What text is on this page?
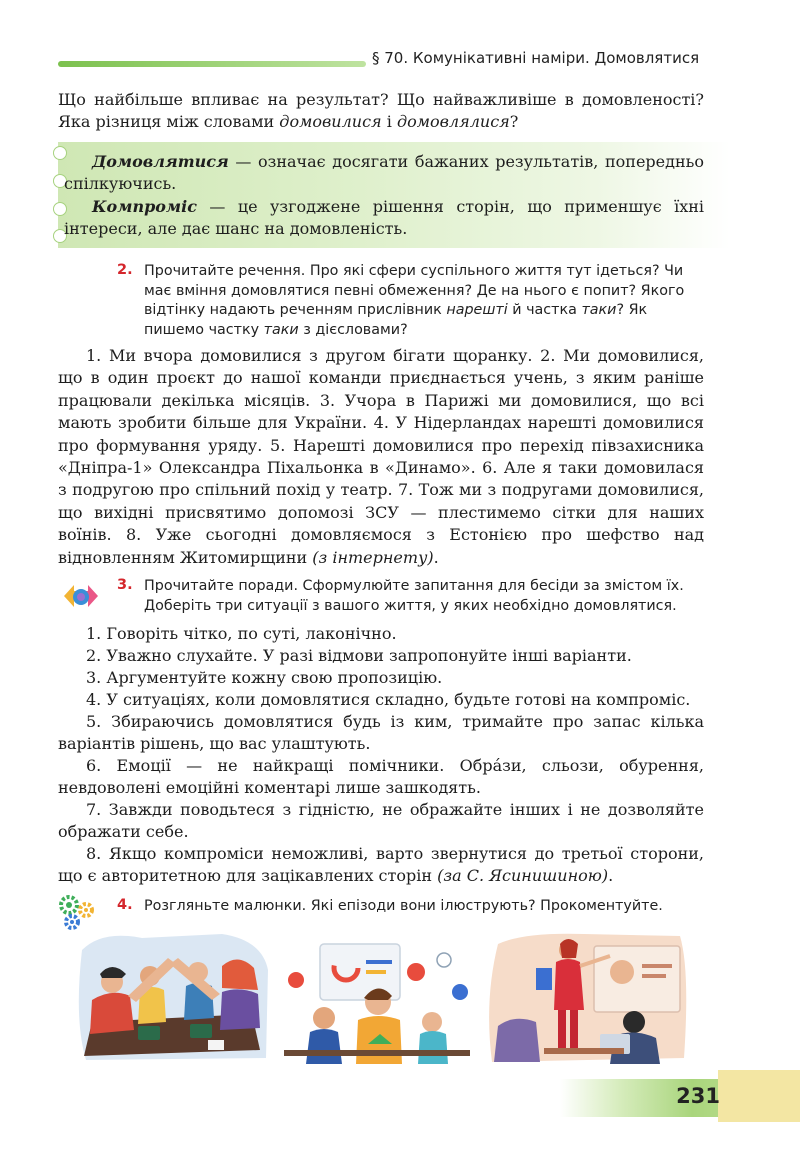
§ 70. Комунікативні наміри. Домовлятися
Що найбільше впливає на результат? Що найважливіше в домовленості? Яка різниця між словами домовилися і домовлялися?
Домовлятися — означає досягати бажаних результатів, попередньо спілкуючись.
Компроміс — це узгоджене рішення сторін, що применшує їхні інтереси, але дає шанс на домовленість.
2. Прочитайте речення. Про які сфери суспільного життя тут ідеться? Чи має вміння домовлятися певні обмеження? Де на нього є попит? Якого відтінку надають реченням прислівник нарешті й частка таки? Як пишемо частку таки з дієсловами?
1. Ми вчора домовилися з другом бігати щоранку. 2. Ми домовилися, що в один проєкт до нашої команди приєднається учень, з яким раніше працювали декілька місяців. 3. Учора в Парижі ми домовилися, що всі мають зробити більше для України. 4. У Нідерландах нарешті домовилися про формування уряду. 5. Нарешті домовилися про перехід півзахисника «Дніпра-1» Олександра Піхальонка в «Динамо». 6. Але я таки домовилася з подругою про спільний похід у театр. 7. Тож ми з подругами домовилися, що вихідні присвятимо допомозі ЗСУ — плестимемо сітки для наших воїнів. 8. Уже сьогодні домовляємося з Естонією про шефство над відновленням Житомирщини (з інтернету).
3. Прочитайте поради. Сформулюйте запитання для бесіди за змістом їх. Доберіть три ситуації з вашого життя, у яких необхідно домовлятися.
1. Говоріть чітко, по суті, лаконічно.
2. Уважно слухайте. У разі відмови запропонуйте інші варіанти.
3. Аргументуйте кожну свою пропозицію.
4. У ситуаціях, коли домовлятися складно, будьте готові на компроміс.
5. Збираючись домовлятися будь із ким, тримайте про запас кілька варіантів рішень, що вас улаштують.
6. Емоції — не найкращі помічники. Обра́зи, сльози, обурення, невдоволені емоційні коментарі лише зашкодять.
7. Завжди поводьтеся з гідністю, не ображайте інших і не дозволяйте ображати себе.
8. Якщо компроміси неможливі, варто звернутися до третьої сторони, що є авторитетною для зацікавлених сторін (за С. Ясинишиною).
4. Розгляньте малюнки. Які епізоди вони ілюструють? Прокоментуйте.
231
